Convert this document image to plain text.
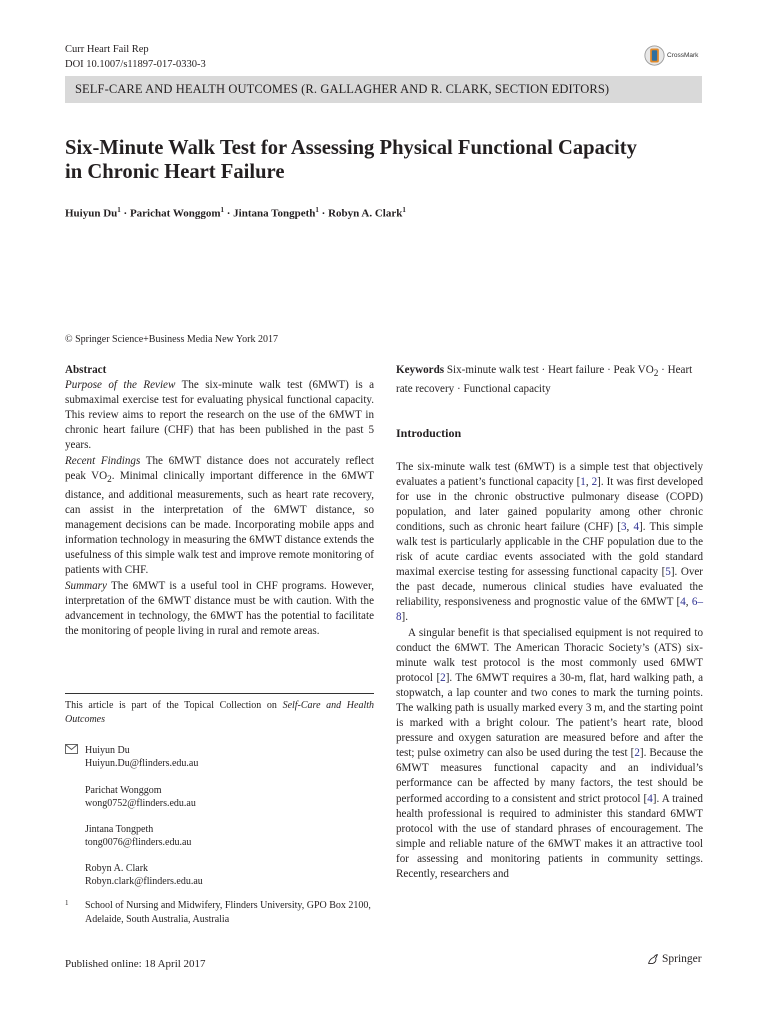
Curr Heart Fail Rep
DOI 10.1007/s11897-017-0330-3
CrossMark
SELF-CARE AND HEALTH OUTCOMES (R. GALLAGHER AND R. CLARK, SECTION EDITORS)
Six-Minute Walk Test for Assessing Physical Functional Capacity
in Chronic Heart Failure
Huiyun $Du^1$ · Parichat Wonggom$^1$ · Jintana Tongpeth$^1$ · Robyn A. Clark$^1$
© Springer Science+Business Media New York 2017

Abstract

Purpose of the Review The six-minute walk test (6MWT) is a submaximal exercise test for evaluating physical functional capacity. This review aims to report the research on the use of the 6MWT in chronic heart failure (CHF) that has been published in the past 5 years.

Recent Findings The 6MWT distance does not accurately reflect peak $VO_2$. Minimal clinically important difference in the 6MWT distance, and additional measurements, such as heart rate recovery, can assist in the interpretation of the 6MWT distance, so management decisions can be made. Incorporating mobile apps and information technology in measuring the 6MWT distance extends the usefulness of this simple walk test and improve remote monitoring of patients with CHF.

Summary The 6MWT is a useful tool in CHF programs. However, interpretation of the 6MWT distance must be with caution. With the advancement in technology, the 6MWT has the potential to facilitate the monitoring of people living in rural and remote areas.

This article is part of the Topical Collection on Self-Care and Health Outcomes
Huiyun Du
Huiyun.Du@flinders.edu.au
Parichat Wonggom
wong0752@flinders.edu.au
Jintana Tongpeth
tong0076@flinders.edu.au
Robyn A. Clark
Robyn.clark@flinders.edu.au
1 School of Nursing and Midwifery, Flinders University, GPO Box 2100, Adelaide, South Australia, Australia

Keywords Six-minute walk test · Heart failure · Peak $VO_2$ · Heart rate recovery · Functional capacity

Introduction

The six-minute walk test (6MWT) is a simple test that objectively evaluates a patient’s functional capacity [1, 2]. It was first developed for use in the chronic obstructive pulmonary disease (COPD) population, and later gained popularity among other chronic conditions, such as chronic heart failure (CHF) [3, 4]. This simple walk test is particularly applicable in the CHF population due to the risk of acute cardiac events associated with the gold standard maximal exercise testing for assessing functional capacity [5]. Over the past decade, numerous clinical studies have evaluated the reliability, responsiveness and prognostic value of the 6MWT [4, 6–8].

A singular benefit is that specialised equipment is not required to conduct the 6MWT. The American Thoracic Society’s (ATS) six-minute walk test protocol is the most commonly used 6MWT protocol [2]. The 6MWT requires a 30-m, flat, hard walking path, a stopwatch, a lap counter and two cones to mark the turning points. The walking path is usually marked every 3 m, and the starting point is marked with a bright colour. The patient’s heart rate, blood pressure and oxygen saturation are measured before and after the test; pulse oximetry can also be used during the test [2]. Because the 6MWT measures functional capacity and an individual’s performance can be affected by many factors, the test should be performed according to a consistent and strict protocol [4]. A trained health professional is required to administer this standard 6MWT protocol with the use of standard phrases of encouragement. The simple and reliable nature of the 6MWT makes it an attractive tool for assessing and monitoring patients in community settings. Recently, researchers and

Published online: 18 April 2017	Springer
